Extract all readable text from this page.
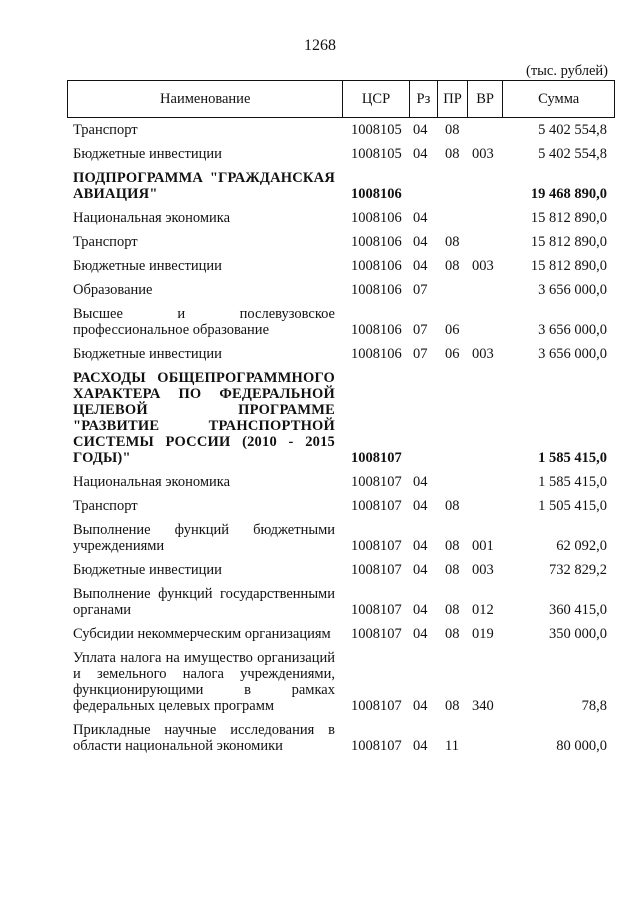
1268
(тыс. рублей)
Наименование	ЦСР	Рз ПР ВР	Сумма
Транспорт	1008105 04	08	5 402 554,8
Бюджетные инвестиции	1008105 04	08 003	5 402 554,8
ПОДПРОГРАММА "ГРАЖДАНСКАЯ АВИАЦИЯ"	1008106	19 468 890,0
Национальная экономика	1008106 04	15 812 890,0
Транспорт	1008106 04	08	15 812 890,0
Бюджетные инвестиции	1008106 04	08 003	15 812 890,0
Образование	1008106 07	3 656 000,0
Высшее и послевузовское профессиональное образование	1008106 07	06	3 656 000,0
Бюджетные инвестиции	1008106 07	06 003	3 656 000,0
РАСХОДЫ ОБЩЕПРОГРАММНОГО ХАРАКТЕРА ПО ФЕДЕРАЛЬНОЙ ЦЕЛЕВОЙ ПРОГРАММЕ "РАЗВИТИЕ ТРАНСПОРТНОЙ СИСТЕМЫ РОССИИ (2010 - 2015 ГОДЫ)"	1008107	1 585 415,0
Национальная экономика	1008107 04	1 585 415,0
Транспорт	1008107 04	08	1 505 415,0
Выполнение функций бюджетными учреждениями	1008107 04	08 001	62 092,0
Бюджетные инвестиции	1008107 04	08 003	732 829,2
Выполнение функций государственными органами	1008107 04	08 012	360 415,0
Субсидии некоммерческим организациям	1008107 04	08 019	350 000,0
Уплата налога на имущество организаций и земельного налога учреждениями, функционирующими в рамках федеральных целевых программ	1008107 04	08 340	78,8
Прикладные научные исследования в области национальной экономики	1008107 04	11	80 000,0
